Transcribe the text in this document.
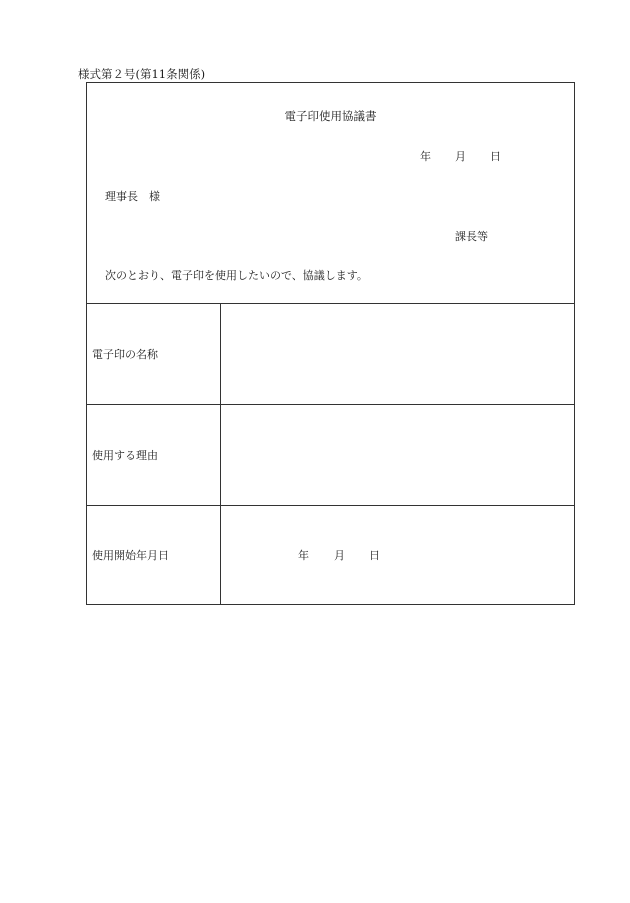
様式第２号(第11条関係)
電子印使用協議書
年 月 日
理事長　様
課長等
次のとおり、電子印を使用したいので、協議します。
電子印の名称
使用する理由
使用開始年月日	年 月 日
